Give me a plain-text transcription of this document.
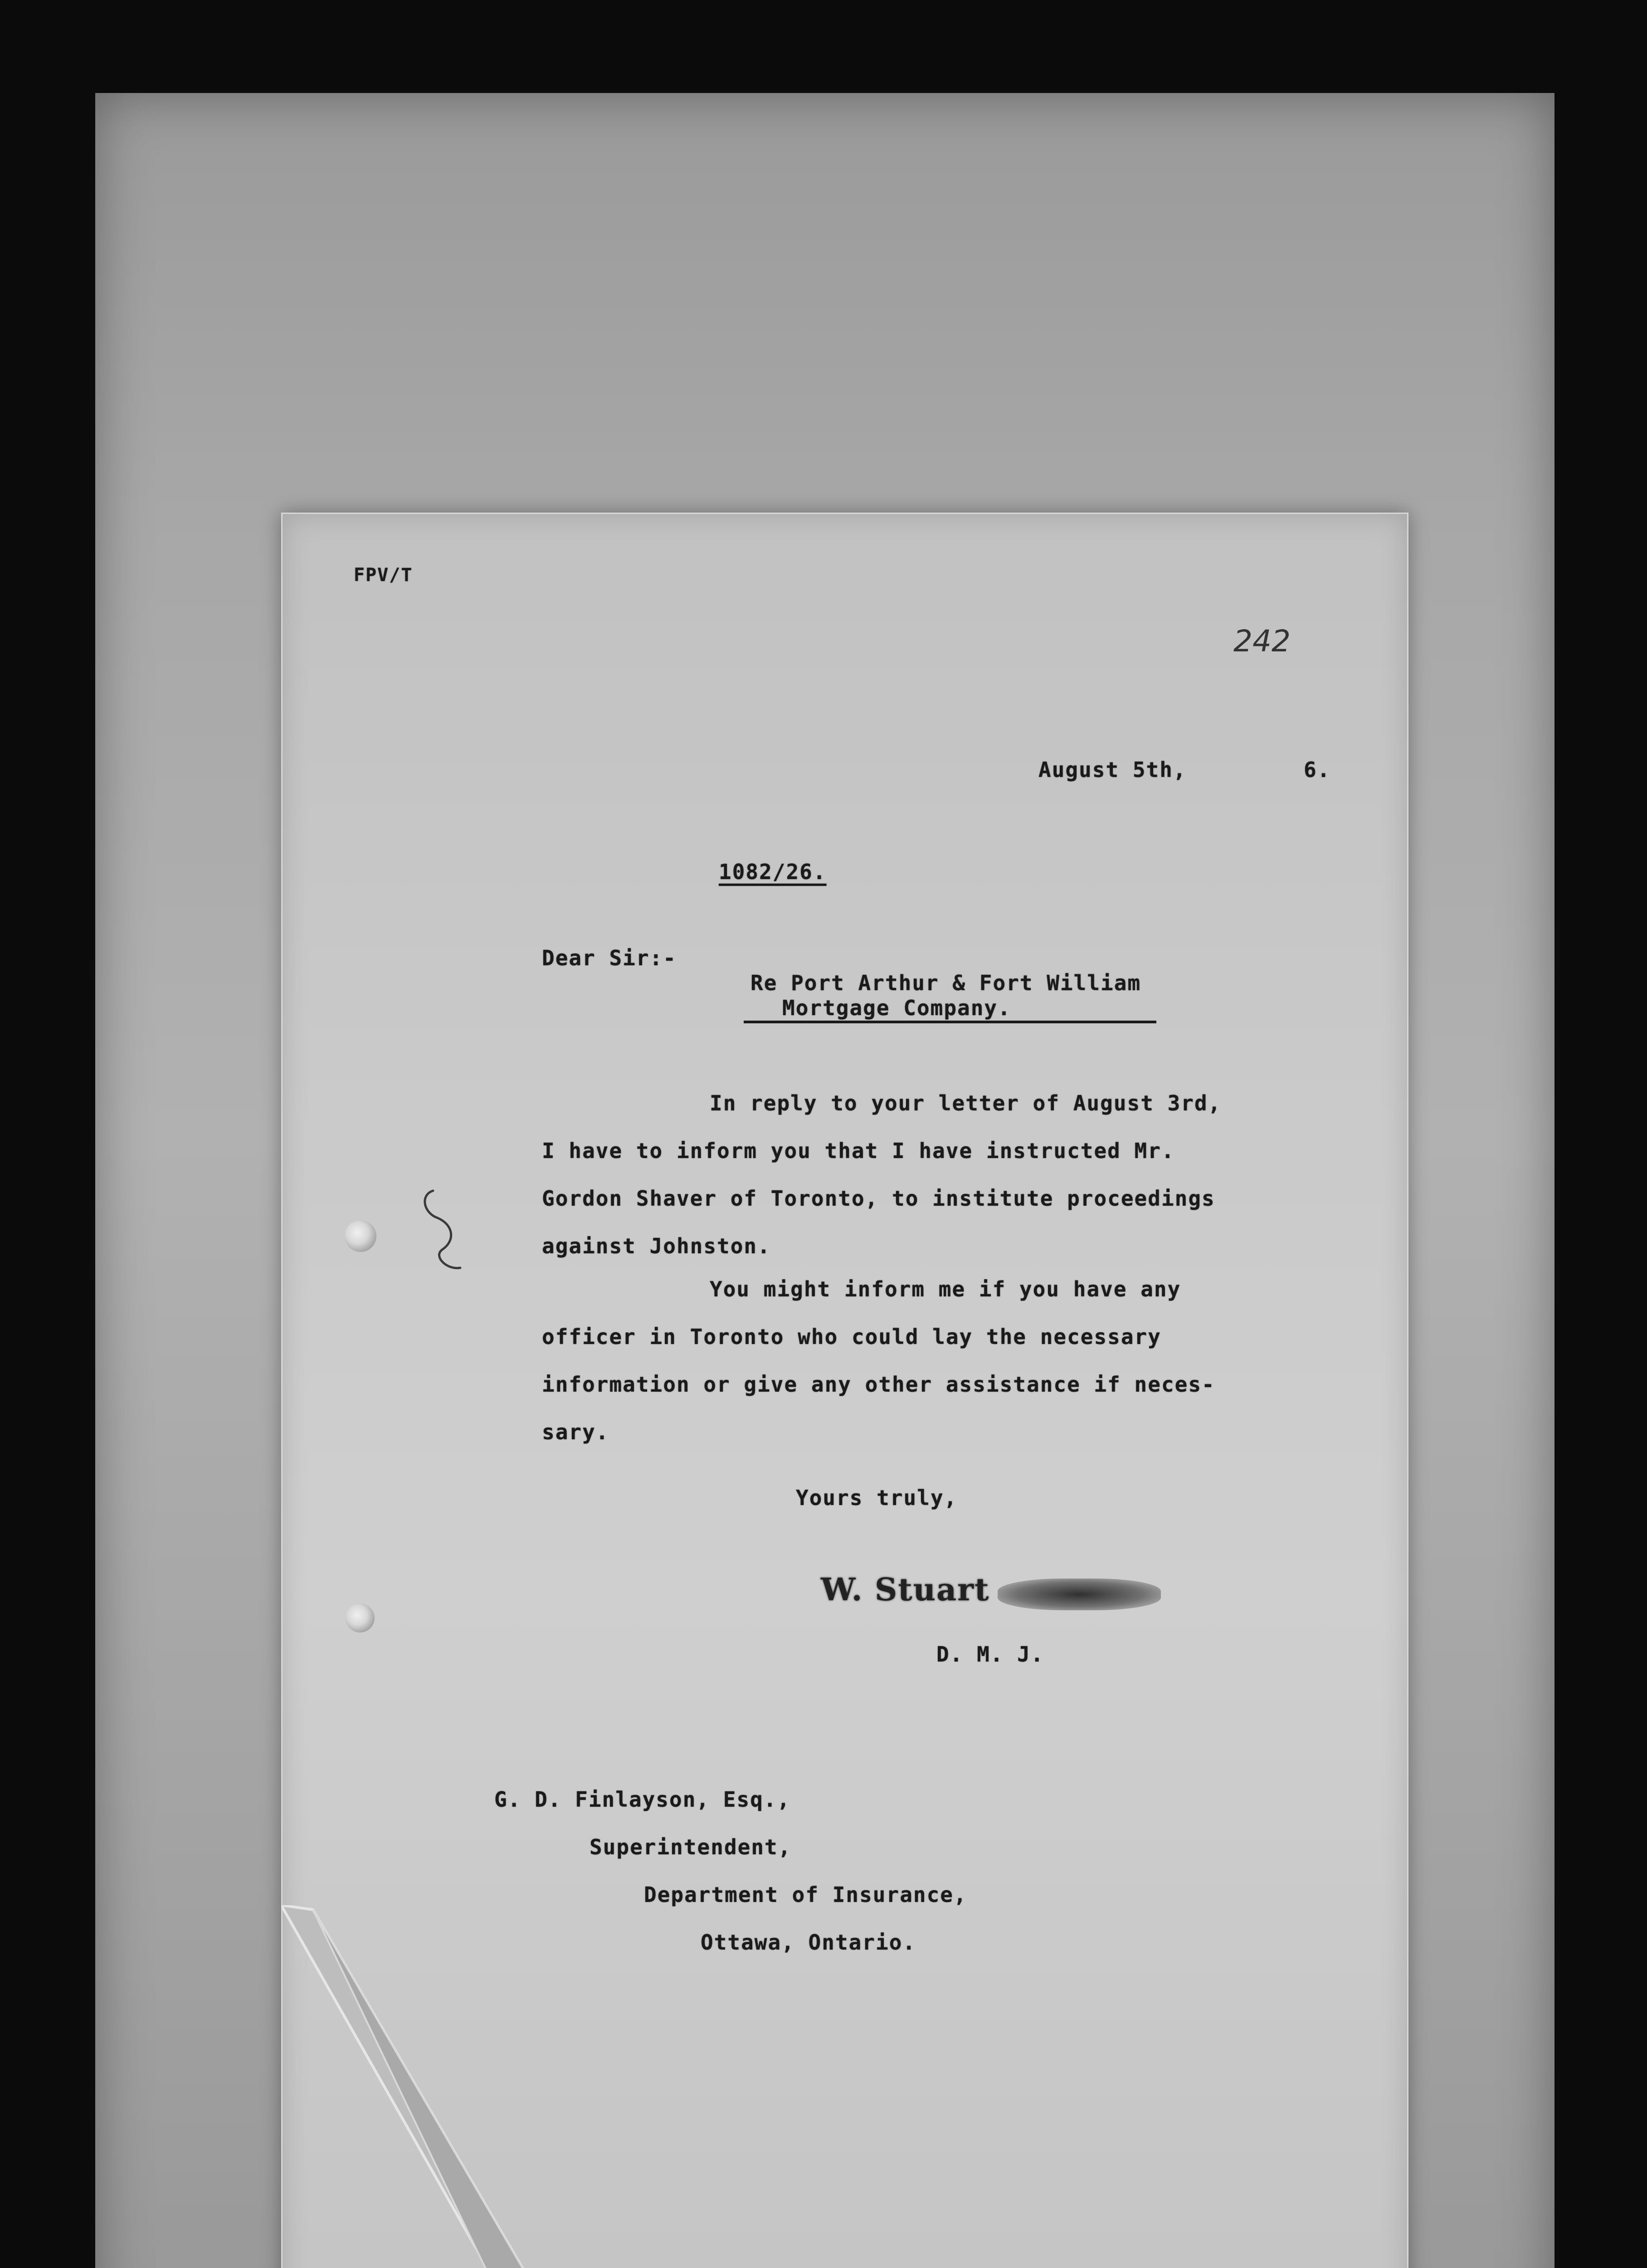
FPV/T
242
August 5th,	6.
1082/26.
Dear Sir:-
Re Port Arthur & Fort William
Mortgage Company.
In reply to your letter of August 3rd,
I have to inform you that I have instructed Mr.
Gordon Shaver of Toronto, to institute proceedings
against Johnston.
You might inform me if you have any
officer in Toronto who could lay the necessary
information or give any other assistance if neces-
sary.
Yours truly,
W. Stuart
D. M. J.
G. D. Finlayson, Esq.,
Superintendent,
Department of Insurance,
Ottawa, Ontario.
